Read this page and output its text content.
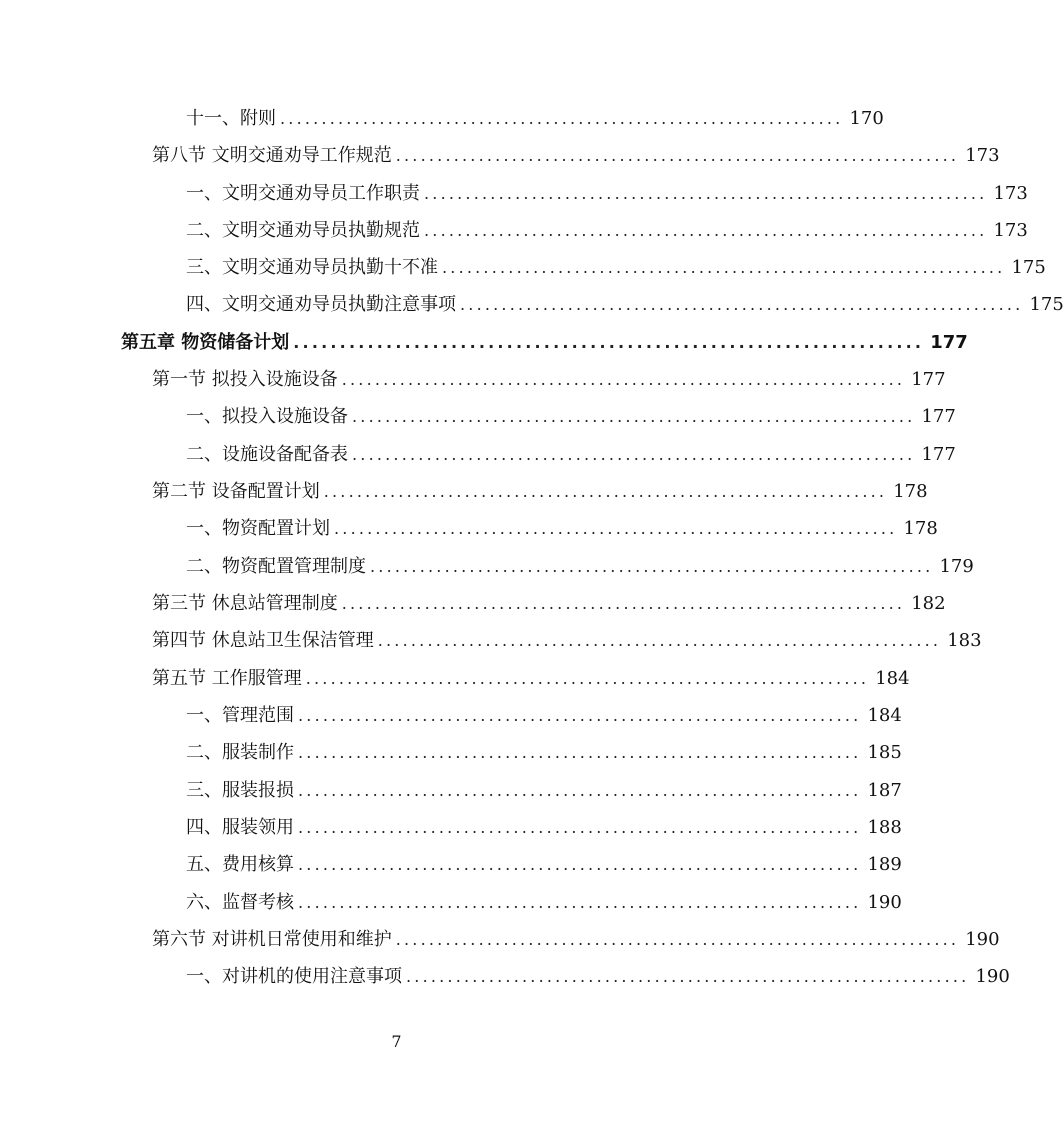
十一、附则 .................................................................... 170
第八节 文明交通劝导工作规范 .................................................................... 173
一、文明交通劝导员工作职责 .................................................................... 173
二、文明交通劝导员执勤规范 .................................................................... 173
三、文明交通劝导员执勤十不准 .................................................................... 175
四、文明交通劝导员执勤注意事项 .................................................................... 175
第五章 物资储备计划 .................................................................... 177
第一节 拟投入设施设备 .................................................................... 177
一、拟投入设施设备 .................................................................... 177
二、设施设备配备表 .................................................................... 177
第二节 设备配置计划 .................................................................... 178
一、物资配置计划 .................................................................... 178
二、物资配置管理制度 .................................................................... 179
第三节 休息站管理制度 .................................................................... 182
第四节 休息站卫生保洁管理 .................................................................... 183
第五节 工作服管理 .................................................................... 184
一、管理范围 .................................................................... 184
二、服装制作 .................................................................... 185
三、服装报损 .................................................................... 187
四、服装领用 .................................................................... 188
五、费用核算 .................................................................... 189
六、监督考核 .................................................................... 190
第六节 对讲机日常使用和维护 .................................................................... 190
一、对讲机的使用注意事项 .................................................................... 190
7
